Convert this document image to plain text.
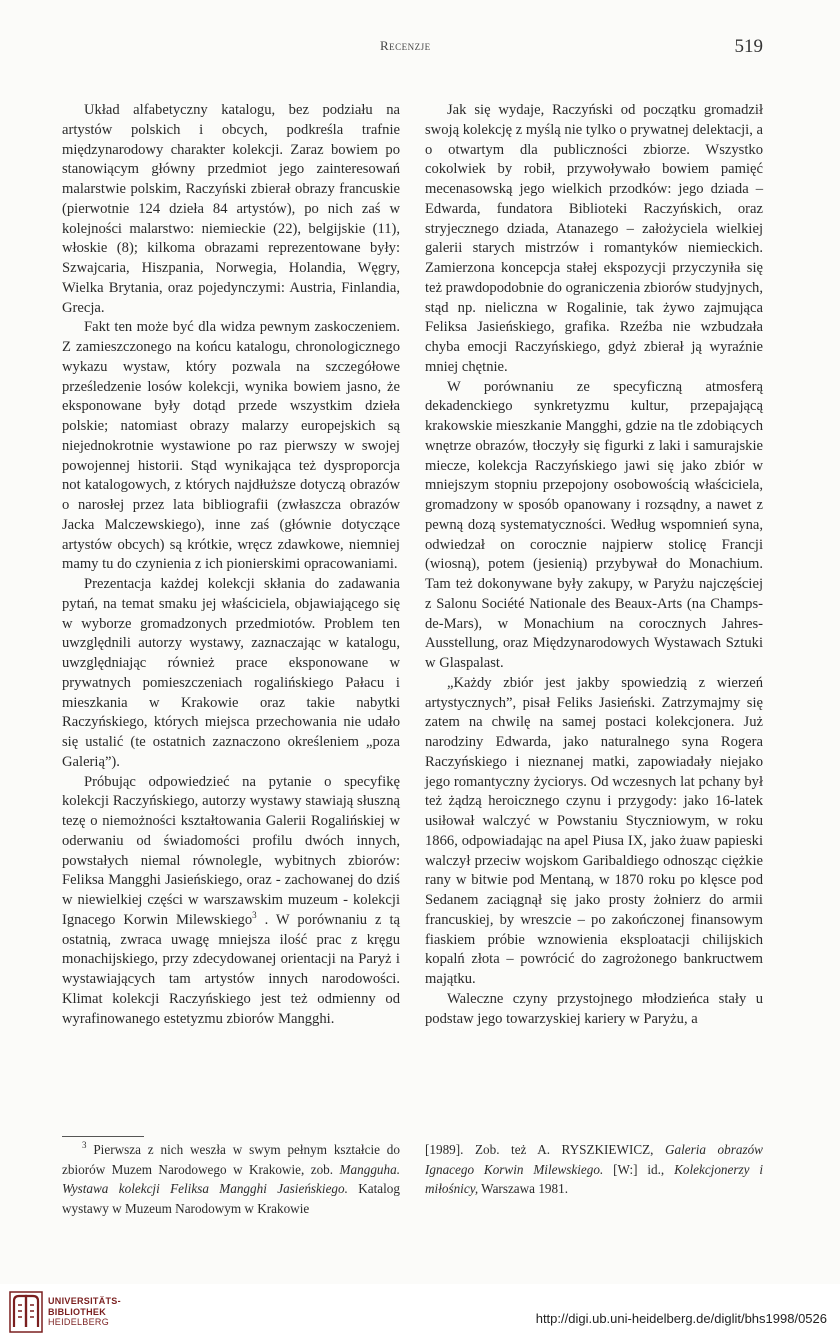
Recenzje	519

Układ alfabetyczny katalogu, bez podziału na artystów polskich i obcych, podkreśla trafnie międzynarodowy charakter kolekcji. Zaraz bowiem po stanowiącym główny przedmiot jego zainteresowań malarstwie polskim, Raczyński zbierał obrazy francuskie (pierwotnie 124 dzieła 84 artystów), po nich zaś w kolejności malarstwo: niemieckie (22), belgijskie (11), włoskie (8); kilkoma obrazami reprezentowane były: Szwajcaria, Hiszpania, Norwegia, Holandia, Węgry, Wielka Brytania, oraz pojedynczymi: Austria, Finlandia, Grecja.

Fakt ten może być dla widza pewnym zaskoczeniem. Z zamieszczonego na końcu katalogu, chronologicznego wykazu wystaw, który pozwala na szczegółowe prześledzenie losów kolekcji, wynika bowiem jasno, że eksponowane były dotąd przede wszystkim dzieła polskie; natomiast obrazy malarzy europejskich są niejednokrotnie wystawione po raz pierwszy w swojej powojennej historii. Stąd wynikająca też dysproporcja not katalogowych, z których najdłuższe dotyczą obrazów o narosłej przez lata bibliografii (zwłaszcza obrazów Jacka Malczewskiego), inne zaś (głównie dotyczące artystów obcych) są krótkie, wręcz zdawkowe, niemniej mamy tu do czynienia z ich pionierskimi opracowaniami.

Prezentacja każdej kolekcji skłania do zadawania pytań, na temat smaku jej właściciela, objawiającego się w wyborze gromadzonych przedmiotów. Problem ten uwzględnili autorzy wystawy, zaznaczając w katalogu, uwzględniając również prace eksponowane w prywatnych pomieszczeniach rogalińskiego Pałacu i mieszkania w Krakowie oraz takie nabytki Raczyńskiego, których miejsca przechowania nie udało się ustalić (te ostatnich zaznaczono określeniem „poza Galerią”).

Próbując odpowiedzieć na pytanie o specyfikę kolekcji Raczyńskiego, autorzy wystawy stawiają słuszną tezę o niemożności kształtowania Galerii Rogalińskiej w oderwaniu od świadomości profilu dwóch innych, powstałych niemal równolegle, wybitnych zbiorów: Feliksa Mangghi Jasieńskiego, oraz - zachowanej do dziś w niewielkiej części w warszawskim muzeum - kolekcji Ignacego Korwin Milewskiego$^3$ . W porównaniu z tą ostatnią, zwraca uwagę mniejsza ilość prac z kręgu monachijskiego, przy zdecydowanej orientacji na Paryż i wystawiających tam artystów innych narodowości. Klimat kolekcji Raczyńskiego jest też odmienny od wyrafinowanego estetyzmu zbiorów Mangghi.

Jak się wydaje, Raczyński od początku gromadził swoją kolekcję z myślą nie tylko o prywatnej delektacji, a o otwartym dla publiczności zbiorze. Wszystko cokolwiek by robił, przywoływało bowiem pamięć mecenasowską jego wielkich przodków: jego dziada – Edwarda, fundatora Biblioteki Raczyńskich, oraz stryjecznego dziada, Atanazego – założyciela wielkiej galerii starych mistrzów i romantyków niemieckich. Zamierzona koncepcja stałej ekspozycji przyczyniła się też prawdopodobnie do ograniczenia zbiorów studyjnych, stąd np. nieliczna w Rogalinie, tak żywo zajmująca Feliksa Jasieńskiego, grafika. Rzeźba nie wzbudzała chyba emocji Raczyńskiego, gdyż zbierał ją wyraźnie mniej chętnie.

W porównaniu ze specyficzną atmosferą dekadenckiego synkretyzmu kultur, przepajającą krakowskie mieszkanie Mangghi, gdzie na tle zdobiących wnętrze obrazów, tłoczyły się figurki z laki i samurajskie miecze, kolekcja Raczyńskiego jawi się jako zbiór w mniejszym stopniu przepojony osobowością właściciela, gromadzony w sposób opanowany i rozsądny, a nawet z pewną dozą systematyczności. Według wspomnień syna, odwiedzał on corocznie najpierw stolicę Francji (wiosną), potem (jesienią) przybywał do Monachium. Tam też dokonywane były zakupy, w Paryżu najczęściej z Salonu Société Nationale des Beaux-Arts (na Champs-de-Mars), w Monachium na corocznych Jahres-Ausstellung, oraz Międzynarodowych Wystawach Sztuki w Glaspalast.

„Każdy zbiór jest jakby spowiedzią z wierzeń artystycznych”, pisał Feliks Jasieński. Zatrzymajmy się zatem na chwilę na samej postaci kolekcjonera. Już narodziny Edwarda, jako naturalnego syna Rogera Raczyńskiego i nieznanej matki, zapowiadały niejako jego romantyczny życiorys. Od wczesnych lat pchany był też żądzą heroicznego czynu i przygody: jako 16-latek usiłował walczyć w Powstaniu Styczniowym, w roku 1866, odpowiadając na apel Piusa IX, jako żuaw papieski walczył przeciw wojskom Garibaldiego odnosząc ciężkie rany w bitwie pod Mentaną, w 1870 roku po klęsce pod Sedanem zaciągnął się jako prosty żołnierz do armii francuskiej, by wreszcie – po zakończonej finansowym fiaskiem próbie wznowienia eksploatacji chilijskich kopalń złota – powrócić do zagrożonego bankructwem majątku.

Waleczne czyny przystojnego młodzieńca stały u podstaw jego towarzyskiej kariery w Paryżu, a

$^3$ Pierwsza z nich weszła w swym pełnym kształcie do zbiorów Muzem Narodowego w Krakowie, zob. Mangguha. Wystawa kolekcji Feliksa Mangghi Jasieńskiego. Katalog wystawy w Muzeum Narodowym w Krakowie
[1989]. Zob. też A. RYSZKIEWICZ, Galeria obrazów Ignacego Korwin Milewskiego. [W:] id., Kolekcjonerzy i miłośnicy, Warszawa 1981.
UNIVERSITÄTS-
BIBLIOTHEK
HEIDELBERG	http://digi.ub.uni-heidelberg.de/diglit/bhs1998/0526
